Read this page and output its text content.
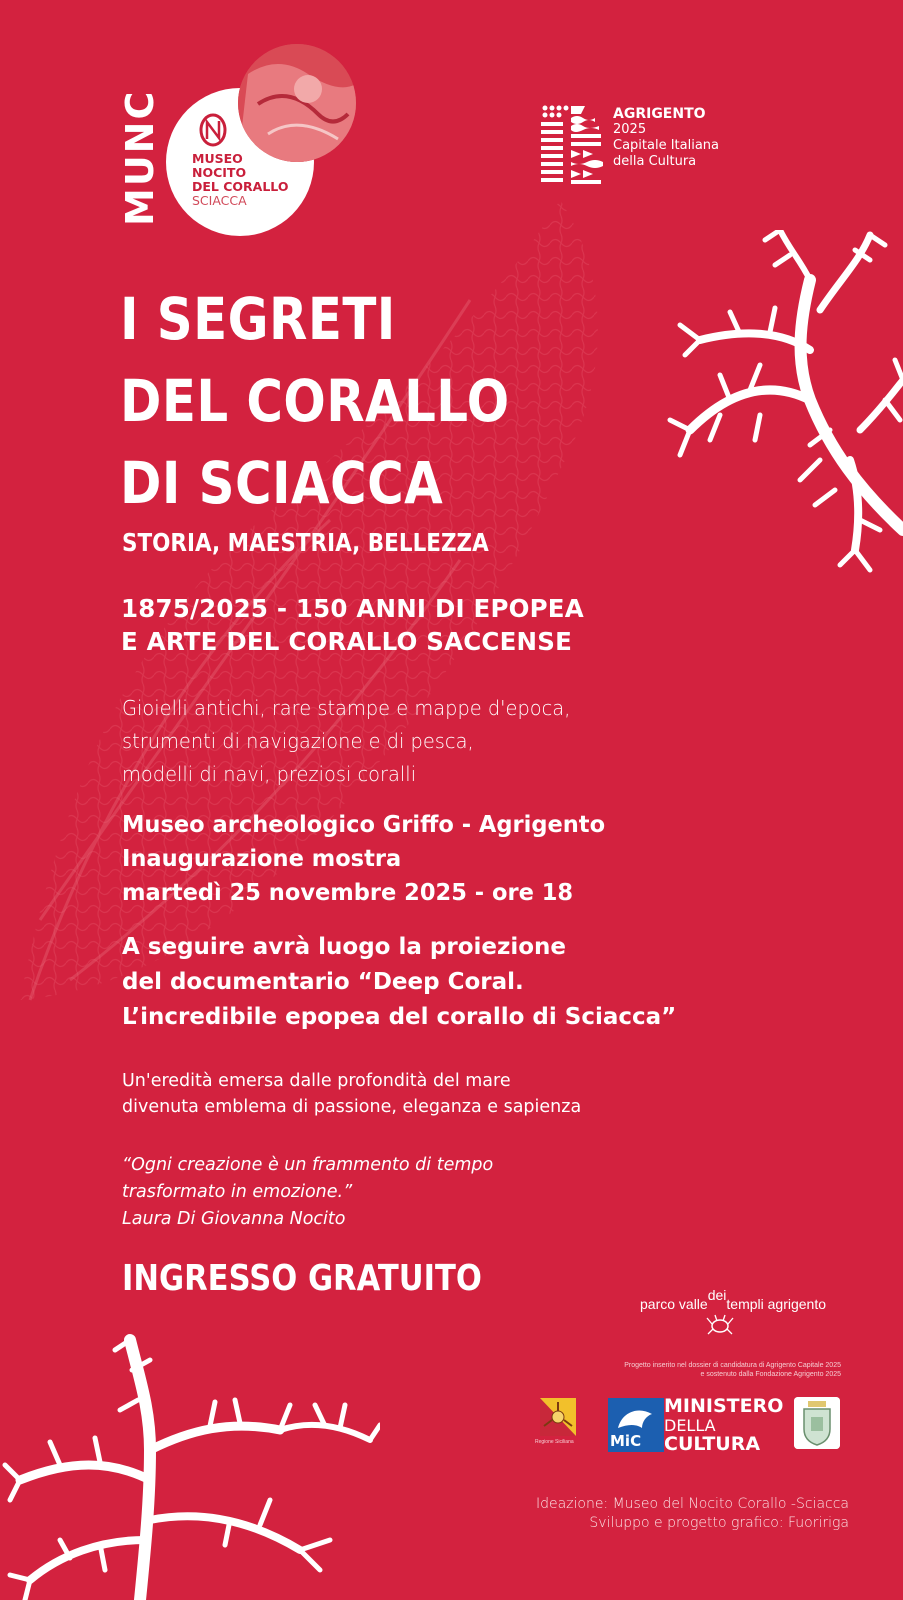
MUNC MUSEO
NOCITO
DEL CORALLO
SCIACCA
AGRIGENTO
2025
Capitale Italiana
della Cultura
I SEGRETI
DEL CORALLO
DI SCIACCA
STORIA, MAESTRIA, BELLEZZA
1875/2025 - 150 ANNI DI EPOPEA
E ARTE DEL CORALLO SACCENSE
Gioielli antichi, rare stampe e mappe d'epoca,
strumenti di navigazione e di pesca,
modelli di navi, preziosi coralli
Museo archeologico Griffo - Agrigento
Inaugurazione mostra
martedì 25 novembre 2025 - ore 18
A seguire avrà luogo la proiezione
del documentario “Deep Coral.
L’incredibile epopea del corallo di Sciacca”
Un'eredità emersa dalle profondità del mare
divenuta emblema di passione, eleganza e sapienza
“Ogni creazione è un frammento di tempo
trasformato in emozione.”
Laura Di Giovanna Nocito
INGRESSO GRATUITO
parco valledeitempli agrigento
Progetto inserito nel dossier di candidatura di Agrigento Capitale 2025
e sostenuto dalla Fondazione Agrigento 2025
Regione Siciliana MiC
MINISTERO
DELLA
CULTURA
Ideazione: Museo del Nocito Corallo -Sciacca
Sviluppo e progetto grafico: Fuoririga
